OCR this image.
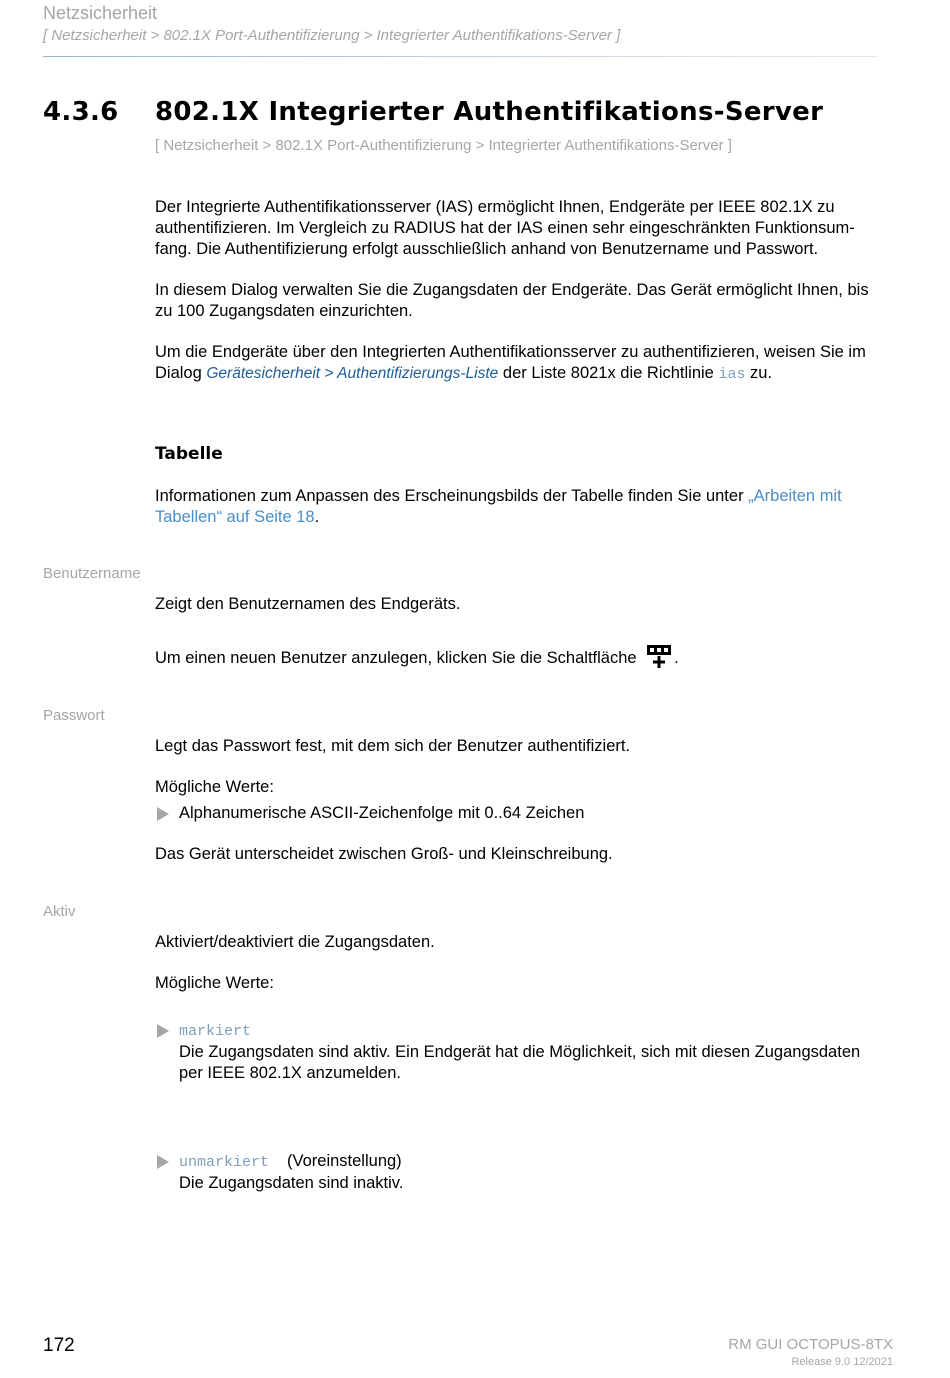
Netzsicherheit
[ Netzsicherheit > 802.1X Port-Authentifizierung > Integrierter Authentifikations-Server ]
4.3.6 802.1X Integrierter Authentifikations-Server
[ Netzsicherheit > 802.1X Port-Authentifizierung > Integrierter Authentifikations-Server ]

Der Integrierte Authentifikationsserver (IAS) ermöglicht Ihnen, Endgeräte per IEEE 802.1X zu

authentifizieren. Im Vergleich zu RADIUS hat der IAS einen sehr eingeschränkten Funktionsum-

fang. Die Authentifizierung erfolgt ausschließlich anhand von Benutzername und Passwort.

In diesem Dialog verwalten Sie die Zugangsdaten der Endgeräte. Das Gerät ermöglicht Ihnen, bis

zu 100 Zugangsdaten einzurichten.

Um die Endgeräte über den Integrierten Authentifikationsserver zu authentifizieren, weisen Sie im

Dialog Gerätesicherheit > Authentifizierungs-Liste der Liste 8021x die Richtlinie ias zu.

Tabelle

Informationen zum Anpassen des Erscheinungsbilds der Tabelle finden Sie unter „Arbeiten mit

Tabellen“ auf Seite 18.

Benutzername
Zeigt den Benutzernamen des Endgeräts.
Um einen neuen Benutzer anzulegen, klicken Sie die Schaltfläche .
Passwort
Legt das Passwort fest, mit dem sich der Benutzer authentifiziert.
Mögliche Werte:
Alphanumerische ASCII-Zeichenfolge mit 0..64 Zeichen
Das Gerät unterscheidet zwischen Groß- und Kleinschreibung.
Aktiv
Aktiviert/deaktiviert die Zugangsdaten.
Mögliche Werte:

markiert

Die Zugangsdaten sind aktiv. Ein Endgerät hat die Möglichkeit, sich mit diesen Zugangsdaten

per IEEE 802.1X anzumelden.

unmarkiert (Voreinstellung)

Die Zugangsdaten sind inaktiv.

172	RM GUI OCTOPUS-8TX
Release 9.0 12/2021
